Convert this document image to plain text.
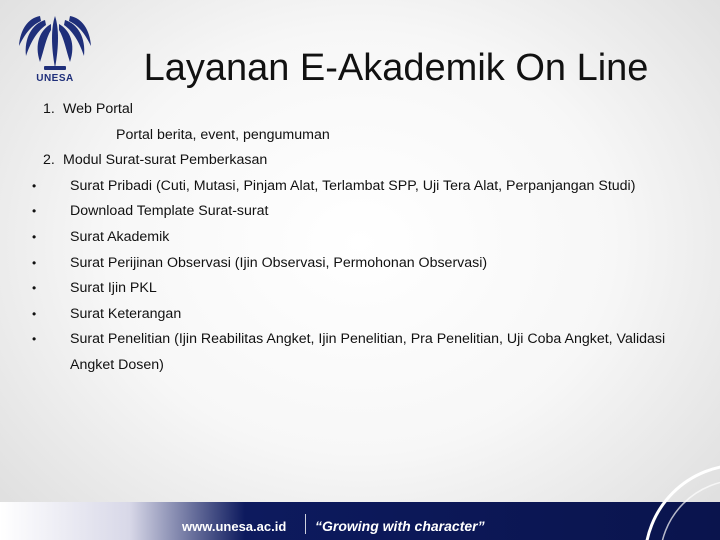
UNESA	Layanan E-Akademik On Line
1. Web Portal
Portal berita, event, pengumuman
2. Modul Surat-surat Pemberkasan
• Surat Pribadi (Cuti, Mutasi, Pinjam Alat, Terlambat SPP, Uji Tera Alat, Perpanjangan Studi)
• Download Template Surat-surat
• Surat Akademik
• Surat Perijinan Observasi (Ijin Observasi, Permohonan Observasi)
• Surat Ijin PKL
• Surat Keterangan
• Surat Penelitian (Ijin Reabilitas Angket, Ijin Penelitian, Pra Penelitian, Uji Coba Angket, Validasi Angket Dosen)
www.unesa.ac.id “Growing with character”
